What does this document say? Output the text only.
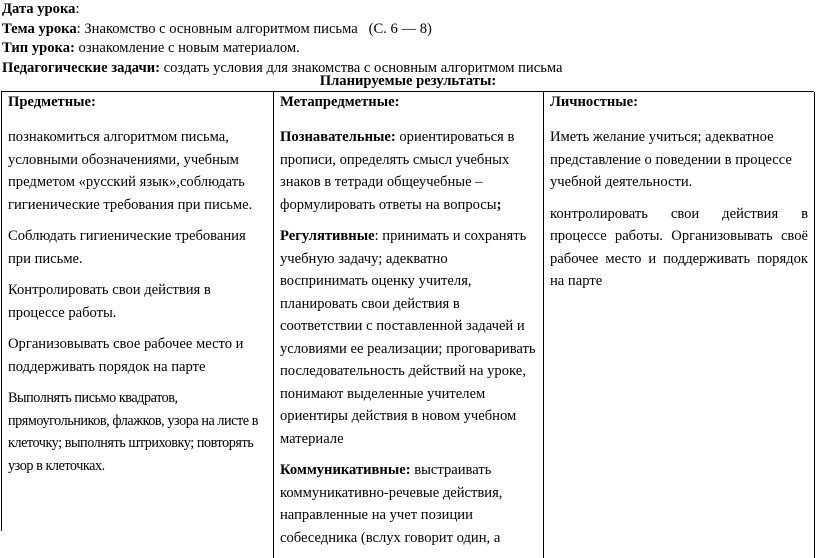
Дата урока:
Тема урока: Знакомство с основным алгоритмом письма   (С. 6 — 8)
Тип урока: ознакомление с новым материалом.
Педагогические задачи: создать условия для знакомства с основным алгоритмом письма
Планируемые результаты:
Предметные:

познакомиться алгоритмом письма, условными обозначениями, учебным предметом «русский язык»,соблюдать гигиенические требования при письме.

Соблюдать гигиенические требования при письме.

Контролировать свои действия в процессе работы.

Организовывать свое рабочее место и поддерживать порядок на парте

Выполнять письмо квадратов, прямоугольников, флажков, узора на листе в клеточку; выполнять штриховку; повторять узор в клеточках.

Метапредметные:

Познавательные: ориентироваться в прописи, определять смысл учебных знаков в тетради общеучебные – формулировать ответы на вопросы;

Регулятивные: принимать и сохранять учебную задачу; адекватно воспринимать оценку учителя, планировать свои действия в соответствии с поставленной задачей и условиями ее реализации; проговаривать последовательность действий на уроке, понимают выделенные учителем ориентиры действия в новом учебном материале

Коммуникативные: выстраивать коммуникативно-речевые действия, направленные на учет позиции собеседника (вслух говорит один, а

Личностные:

Иметь желание учиться; адекватное представление о поведении в процессе учебной деятельности.

контролировать свои действия в процессе работы. Организовывать своё рабочее место и поддерживать порядок на парте
